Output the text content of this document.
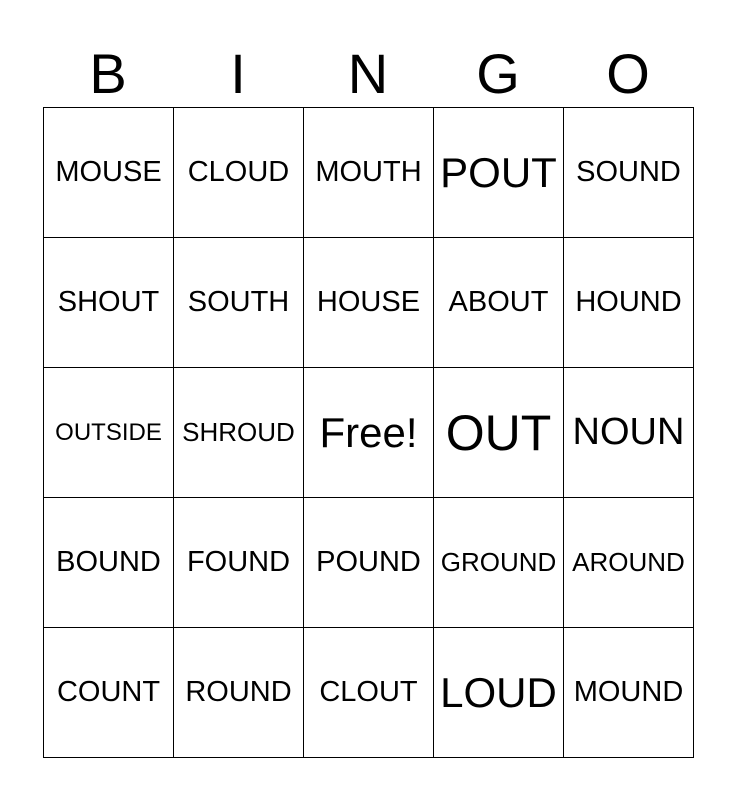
B	I	N	G	O
MOUSE CLOUD MOUTH POUT SOUND
SHOUT SOUTH HOUSE ABOUT HOUND
OUTSIDE SHROUD Free! OUT NOUN
BOUND FOUND POUND GROUND AROUND
COUNT ROUND CLOUT LOUD MOUND
